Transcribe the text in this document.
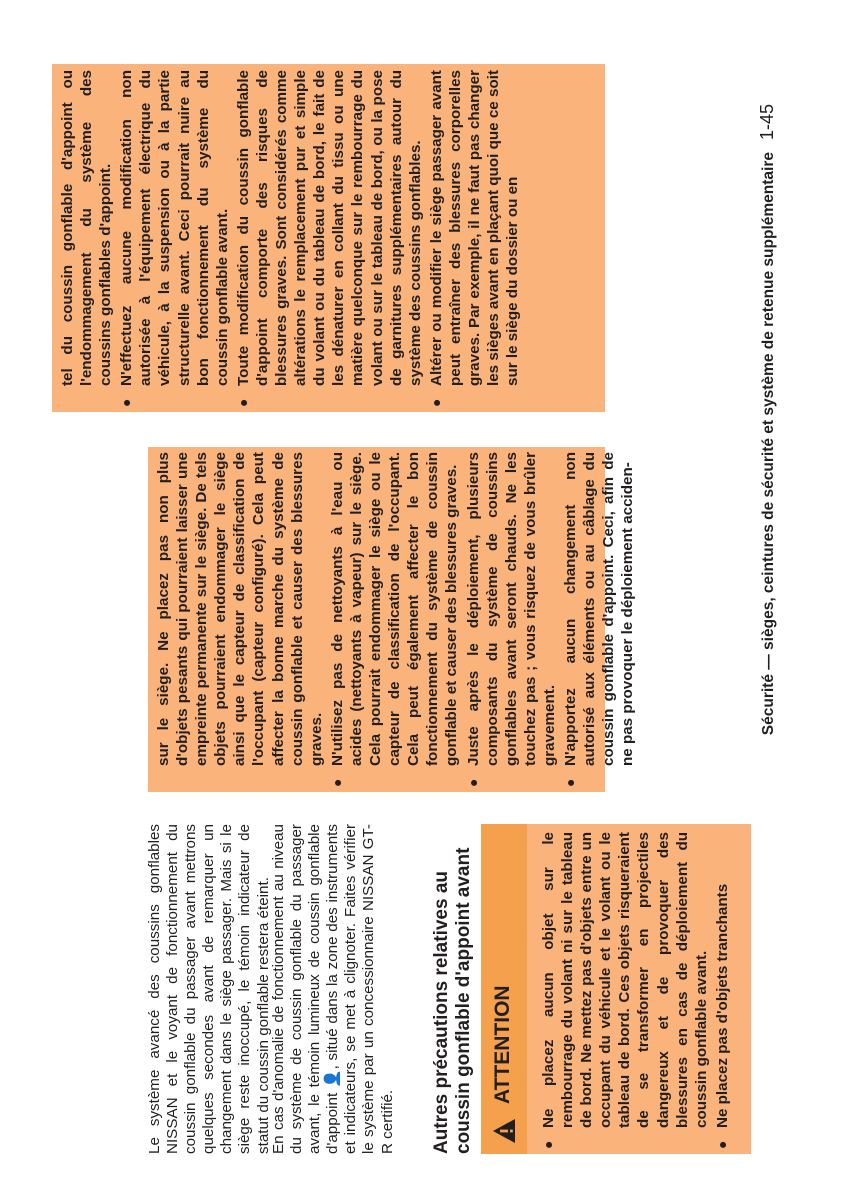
Le système avancé des coussins gonflables NISSAN et le voyant de fonctionnement du coussin gonflable du passager avant mettrons quelques secondes avant de remarquer un changement dans le siège passager. Mais si le siège reste inoccupé, le témoin indicateur de statut du coussin gonflable restera éteint.

En cas d'anomalie de fonctionnement au niveau du système de coussin gonflable du passager avant, le témoin lumineux de coussin gonflable d'appoint 👤, situé dans la zone des instruments et indicateurs, se met à clignoter. Faites vérifier le système par un concessionnaire NISSAN GT-R certifié. Autres précautions relatives au coussin gonflable d'appoint avant ATTENTION
●
Ne placez aucun objet sur le rembourrage du volant ni sur le tableau de bord. Ne mettez pas d'objets entre un occupant du véhicule et le volant ou le tableau de bord. Ces objets risqueraient de se transformer en projectiles dangereux et de provoquer des blessures en cas de déploiement du coussin gonflable avant.
●
Ne placez pas d'objets tranchants

sur le siège. Ne placez pas non plus d'objets pesants qui pourraient laisser une empreinte permanente sur le siège. De tels objets pourraient endommager le siège ainsi que le capteur de classification de l'occupant (capteur configuré). Cela peut affecter la bonne marche du système de coussin gonflable et causer des blessures graves.

●
N'utilisez pas de nettoyants à l'eau ou acides (nettoyants à vapeur) sur le siège. Cela pourrait endommager le siège ou le capteur de classification de l'occupant. Cela peut également affecter le bon fonctionnement du système de coussin gonflable et causer des blessures graves.
●
Juste après le déploiement, plusieurs composants du système de coussins gonflables avant seront chauds. Ne les touchez pas ; vous risquez de vous brûler gravement.
●
N'apportez aucun changement non autorisé aux éléments ou au câblage du coussin gonflable d'appoint. Ceci, afin de ne pas provoquer le déploiement acciden-

tel du coussin gonflable d'appoint ou l'endommagement du système des coussins gonflables d'appoint.

●
N'effectuez aucune modification non autorisée à l'équipement électrique du véhicule, à la suspension ou à la partie structurelle avant. Ceci pourrait nuire au bon fonctionnement du système du coussin gonflable avant.
●
Toute modification du coussin gonflable d'appoint comporte des risques de blessures graves. Sont considérés comme altérations le remplacement pur et simple du volant ou du tableau de bord, le fait de les dénaturer en collant du tissu ou une matière quelconque sur le rembourrage du volant ou sur le tableau de bord, ou la pose de garnitures supplémentaires autour du système des coussins gonflables.
●
Altérer ou modifier le siège passager avant peut entraîner des blessures corporelles graves. Par exemple, il ne faut pas changer les sièges avant en plaçant quoi que ce soit sur le siège du dossier ou en	Sécurité — sièges, ceintures de sécurité et système de retenue supplémentaire
1-45
